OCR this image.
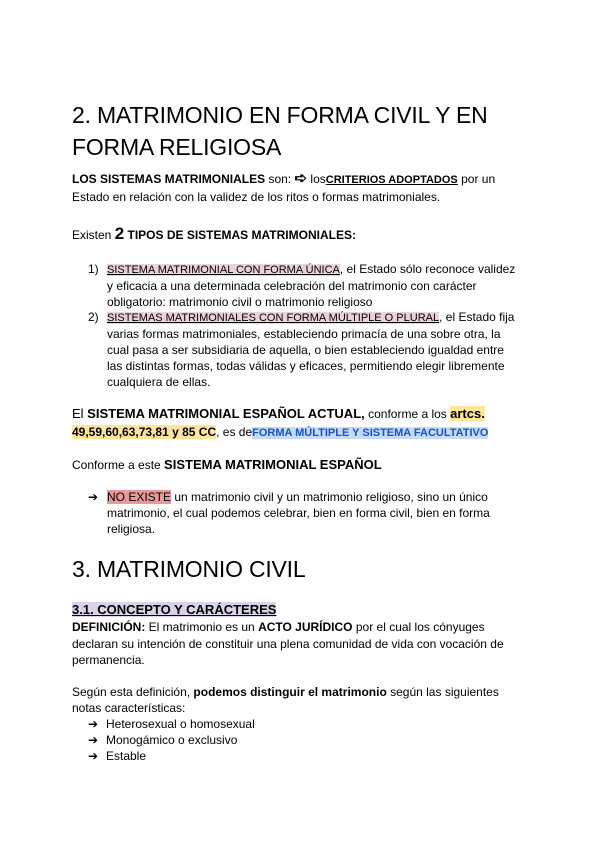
2. MATRIMONIO EN FORMA CIVIL Y EN
FORMA RELIGIOSA
LOS SISTEMAS MATRIMONIALES son: ➪ losCRITERIOS ADOPTADOS por un
Estado en relación con la validez de los ritos o formas matrimoniales.
Existen 2 TIPOS DE SISTEMAS MATRIMONIALES:
1) SISTEMA MATRIMONIAL CON FORMA ÚNICA, el Estado sólo reconoce validez
y eficacia a una determinada celebración del matrimonio con carácter
obligatorio: matrimonio civil o matrimonio religioso
2) SISTEMAS MATRIMONIALES CON FORMA MÚLTIPLE O PLURAL, el Estado fija
varias formas matrimoniales, estableciendo primacía de una sobre otra, la
cual pasa a ser subsidiaria de aquella, o bien estableciendo igualdad entre
las distintas formas, todas válidas y eficaces, permitiendo elegir libremente
cualquiera de ellas.
El SISTEMA MATRIMONIAL ESPAÑOL ACTUAL, conforme a los artcs.
49,59,60,63,73,81 y 85 CC, es deFORMA MÚLTIPLE Y SISTEMA FACULTATIVO
Conforme a este SISTEMA MATRIMONIAL ESPAÑOL
➔ NO EXISTE un matrimonio civil y un matrimonio religioso, sino un único
matrimonio, el cual podemos celebrar, bien en forma civil, bien en forma
religiosa.
3. MATRIMONIO CIVIL
3.1. CONCEPTO Y CARÁCTERES
DEFINICIÓN: El matrimonio es un ACTO JURÍDICO por el cual los cónyuges
declaran su intención de constituir una plena comunidad de vida con vocación de
permanencia.
Según esta definición, podemos distinguir el matrimonio según las siguientes
notas características:
➔ Heterosexual o homosexual
➔ Monogámico o exclusivo
➔ Estable
